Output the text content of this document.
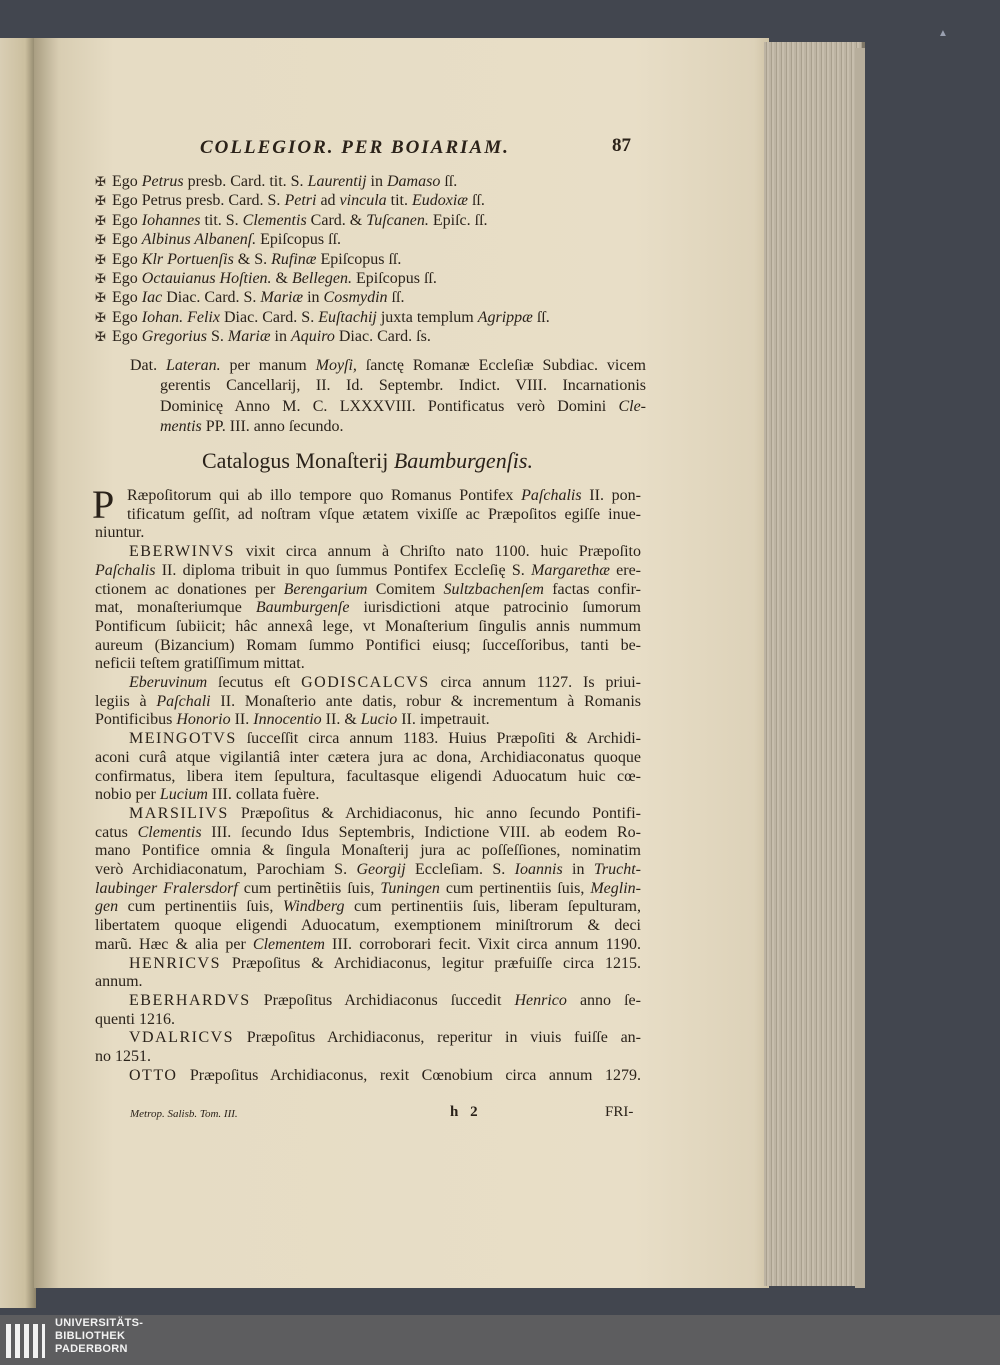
▲
COLLEGIOR. PER BOIARIAM.	87
✠ Ego Petrus presb. Card. tit. S. Laurentij in Damaso ſſ.
✠ Ego Petrus presb. Card. S. Petri ad vincula tit. Eudoxiæ ſſ.
✠ Ego Iohannes tit. S. Clementis Card. & Tuſcanen. Epiſc. ſſ.
✠ Ego Albinus Albanenſ. Epiſcopus ſſ.
✠ Ego Klr Portuenſis & S. Rufinæ Epiſcopus ſſ.
✠ Ego Octauianus Hoſtien. & Bellegen. Epiſcopus ſſ.
✠ Ego Iac Diac. Card. S. Mariæ in Cosmydin ſſ.
✠ Ego Iohan. Felix Diac. Card. S. Euſtachij juxta templum Agrippæ ſſ.
✠ Ego Gregorius S. Mariæ in Aquiro Diac. Card. ſs.
Dat. Lateran. per manum Moyſi, ſanctę Romanæ Eccleſiæ Subdiac. vicem
gerentis Cancellarij, II. Id. Septembr. Indict. VIII. Incarnationis
Dominicę Anno M. C. LXXXVIII. Pontificatus verò Domini Cle-
mentis PP. III. anno ſecundo.
Catalogus Monaſterij Baumburgenſis.
P Ræpoſitorum qui ab illo tempore quo Romanus Pontifex Paſchalis II. pon-
tificatum geſſit, ad noſtram vſque ætatem vixiſſe ac Præpoſitos egiſſe inue-
niuntur.
EBERWINVS vixit circa annum à Chriſto nato 1100. huic Præpoſito
Paſchalis II. diploma tribuit in quo ſummus Pontifex Eccleſię S. Margarethæ ere-
ctionem ac donationes per Berengarium Comitem Sultzbachenſem factas confir-
mat, monaſteriumque Baumburgenſe iurisdictioni atque patrocinio ſumorum
Pontificum ſubiicit; hâc annexâ lege, vt Monaſterium ſingulis annis nummum
aureum (Bizancium) Romam ſummo Pontifici eiusq; ſucceſſoribus, tanti be-
neficii teſtem gratiſſimum mittat.
Eberuvinum ſecutus eſt GODISCALCVS circa annum 1127. Is priui-
legiis à Paſchali II. Monaſterio ante datis, robur & incrementum à Romanis
Pontificibus Honorio II. Innocentio II. & Lucio II. impetrauit.
MEINGOTVS ſucceſſit circa annum 1183. Huius Præpoſiti & Archidi-
aconi curâ atque vigilantiâ inter cætera jura ac dona, Archidiaconatus quoque
confirmatus, libera item ſepultura, facultasque eligendi Aduocatum huic cœ-
nobio per Lucium III. collata fuère.
MARSILIVS Præpoſitus & Archidiaconus, hic anno ſecundo Pontifi-
catus Clementis III. ſecundo Idus Septembris, Indictione VIII. ab eodem Ro-
mano Pontifice omnia & ſingula Monaſterij jura ac poſſeſſiones, nominatim
verò Archidiaconatum, Parochiam S. Georgij Eccleſiam. S. Ioannis in Trucht-
laubinger Fralersdorf cum pertinẽtiis ſuis, Tuningen cum pertinentiis ſuis, Meglin-
gen cum pertinentiis ſuis, Windberg cum pertinentiis ſuis, liberam ſepulturam,
libertatem quoque eligendi Aduocatum, exemptionem miniſtrorum & deci
marũ. Hæc & alia per Clementem III. corroborari fecit. Vixit circa annum 1190.
HENRICVS Præpoſitus & Archidiaconus, legitur præfuiſſe circa 1215.
annum.
EBERHARDVS Præpoſitus Archidiaconus ſuccedit Henrico anno ſe-
quenti 1216.
VDALRICVS Præpoſitus Archidiaconus, reperitur in viuis fuiſſe an-
no 1251.
OTTO Præpoſitus Archidiaconus, rexit Cœnobium circa annum 1279.
Metrop. Salisb. Tom. III.	h 2	FRI-
UNIVERSITÄTS-
BIBLIOTHEK
PADERBORN
